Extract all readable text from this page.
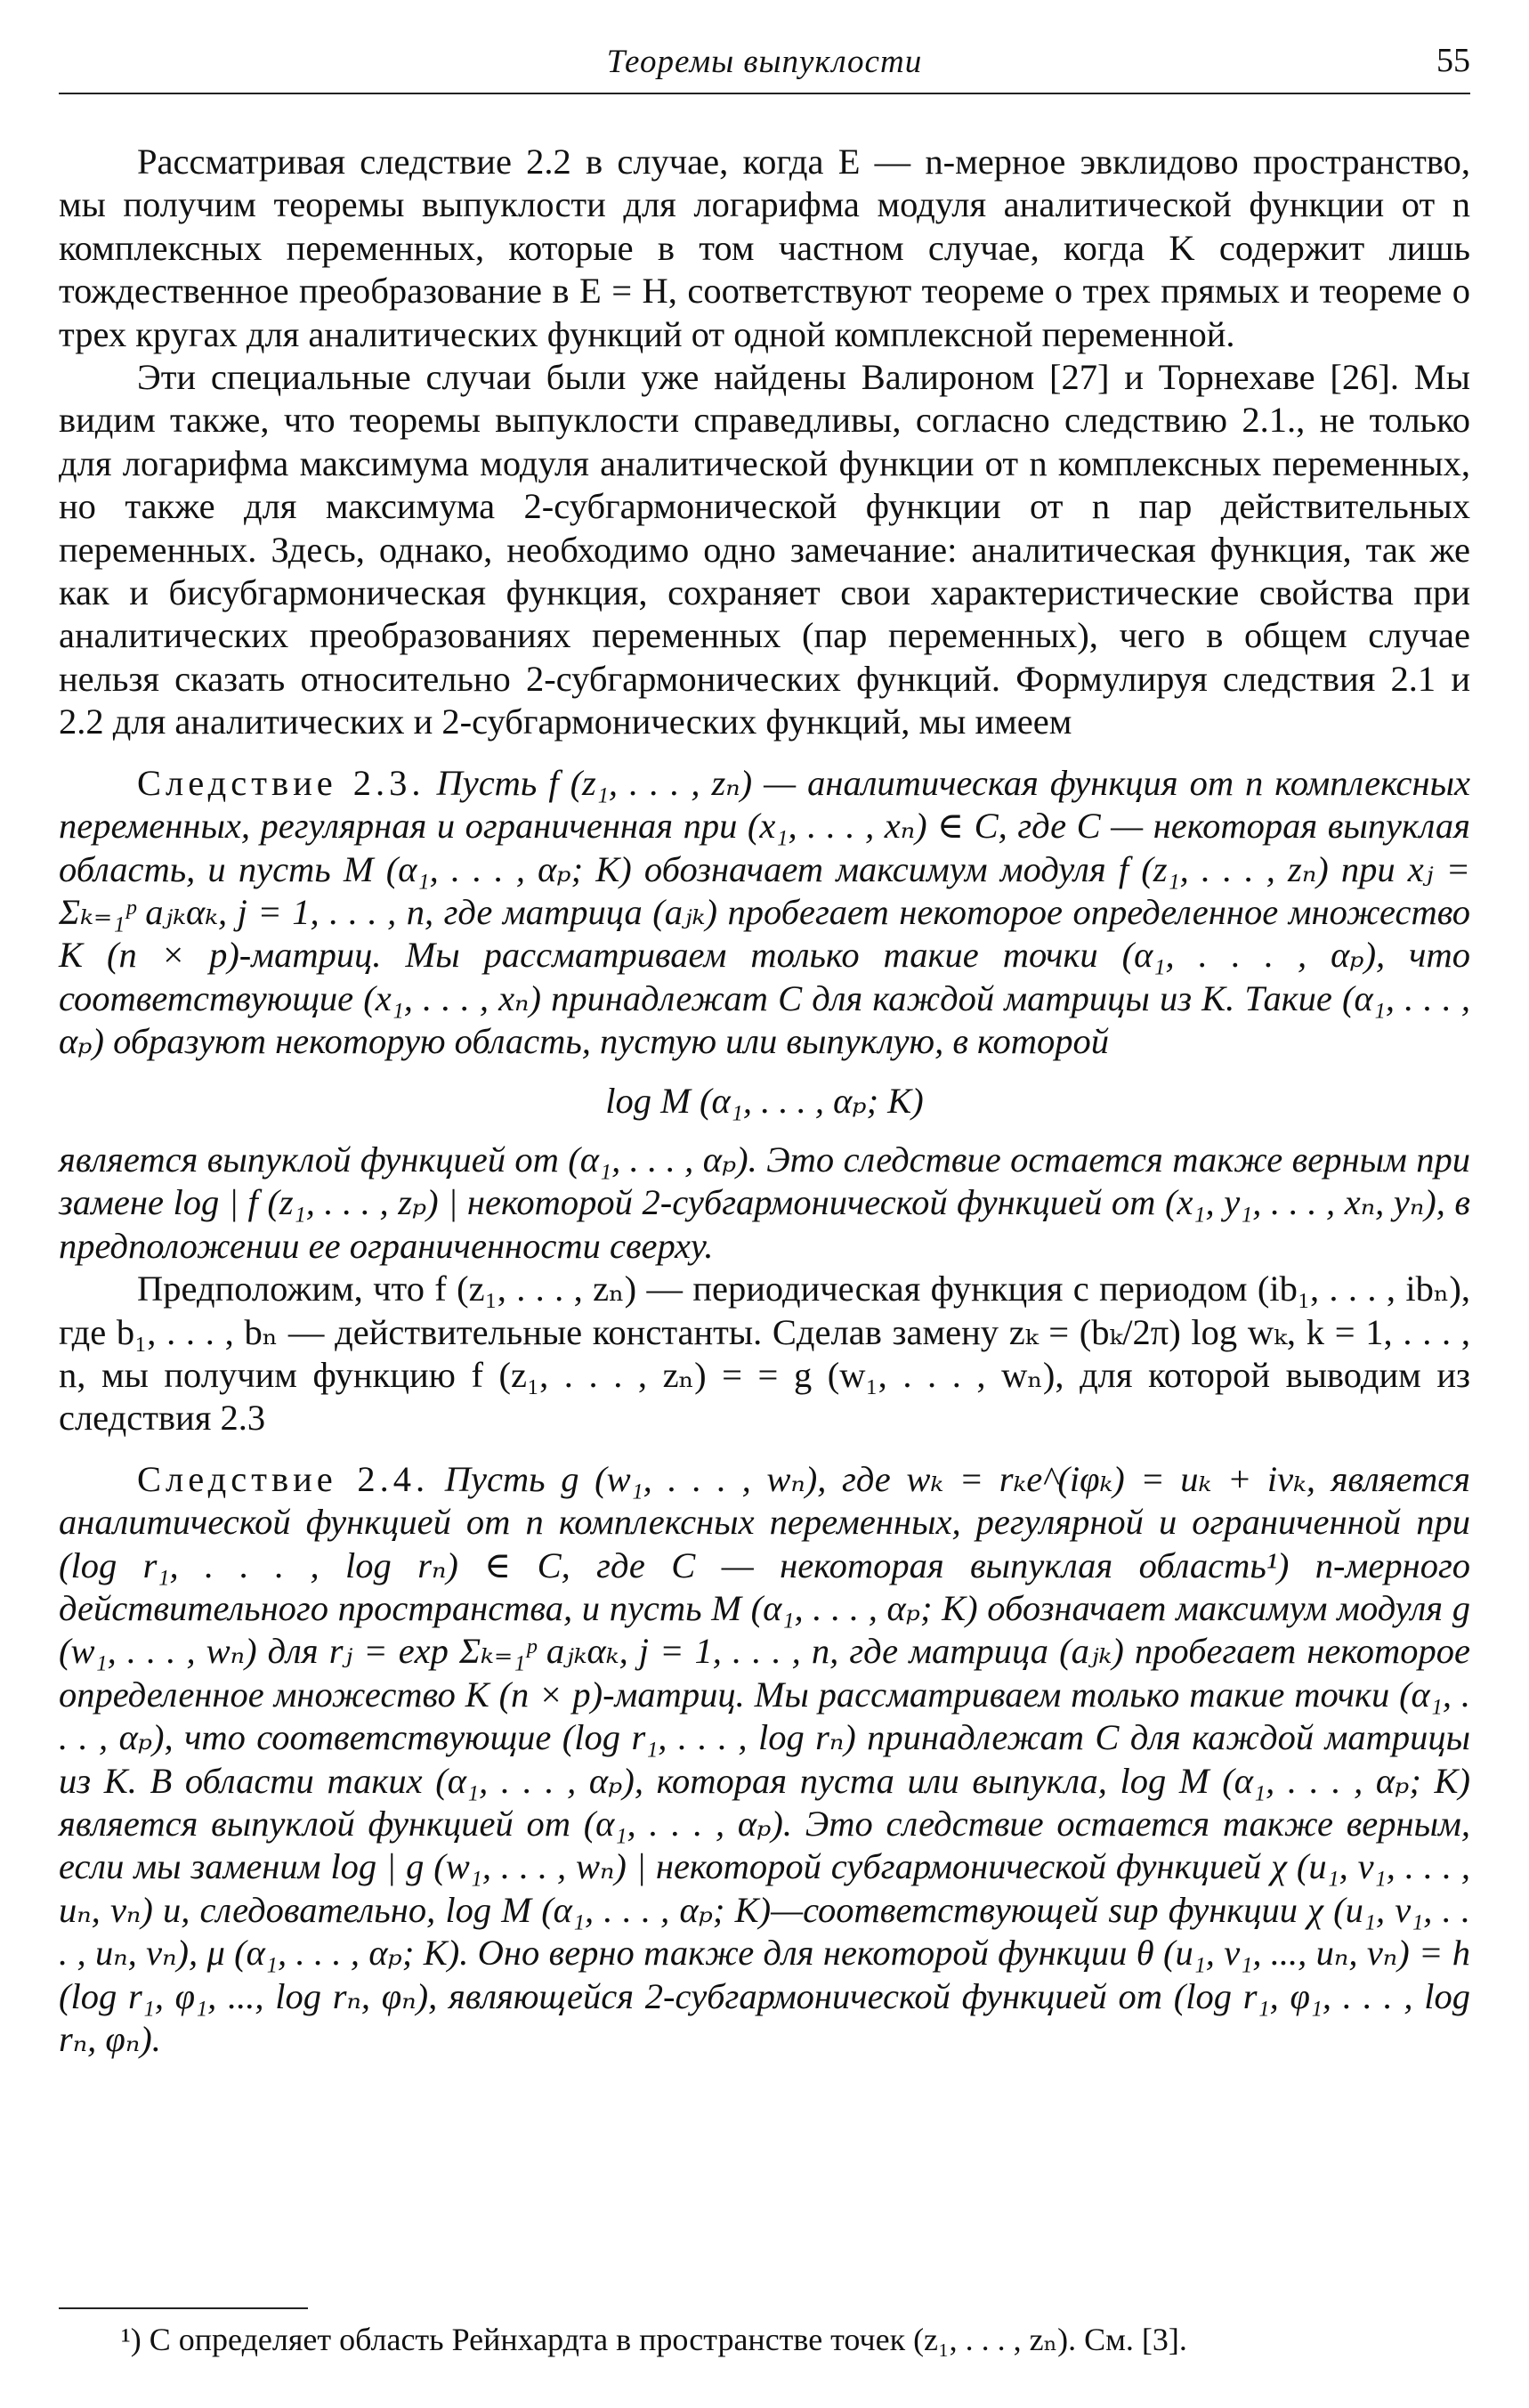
Теоремы выпуклости	55

Рассматривая следствие 2.2 в случае, когда E — n-мерное эвклидово пространство, мы получим теоремы выпуклости для логарифма модуля аналитической функции от n комплексных переменных, которые в том частном случае, когда K содержит лишь тождественное преобразование в E = H, соответствуют теореме о трех прямых и теореме о трех кругах для аналитических функций от одной комплексной переменной.

Эти специальные случаи были уже найдены Валироном [27] и Торнехаве [26]. Мы видим также, что теоремы выпуклости справедливы, согласно следствию 2.1., не только для логарифма максимума модуля аналитической функции от n комплексных переменных, но также для максимума 2-субгармонической функции от n пар действительных переменных. Здесь, однако, необходимо одно замечание: аналитическая функция, так же как и бисубгармоническая функция, сохраняет свои характеристические свойства при аналитических преобразованиях переменных (пар переменных), чего в общем случае нельзя сказать относительно 2-субгармонических функций. Формулируя следствия 2.1 и 2.2 для аналитических и 2-субгармонических функций, мы имеем

Следствие 2.3. Пусть f (z₁, . . . , zₙ) — аналитическая функция от n комплексных переменных, регулярная и ограниченная при (x₁, . . . , xₙ) ∈ C, где C — некоторая выпуклая область, и пусть M (α₁, . . . , αₚ; K) обозначает максимум модуля f (z₁, . . . , zₙ) при xⱼ = Σₖ₌₁ᵖ aⱼₖαₖ, j = 1, . . . , n, где матрица (aⱼₖ) пробегает некоторое определенное множество K (n × p)-матриц. Мы рассматриваем только такие точки (α₁, . . . , αₚ), что соответствующие (x₁, . . . , xₙ) принадлежат C для каждой матрицы из K. Такие (α₁, . . . , αₚ) образуют некоторую область, пустую или выпуклую, в которой

log M (α₁, . . . , αₚ; K)

является выпуклой функцией от (α₁, . . . , αₚ). Это следствие остается также верным при замене log | f (z₁, . . . , zₚ) | некоторой 2-субгармонической функцией от (x₁, y₁, . . . , xₙ, yₙ), в предположении ее ограниченности сверху.

Предположим, что f (z₁, . . . , zₙ) — периодическая функция с периодом (ib₁, . . . , ibₙ), где b₁, . . . , bₙ — действительные константы. Сделав замену zₖ = (bₖ/2π) log wₖ, k = 1, . . . , n, мы получим функцию f (z₁, . . . , zₙ) = = g (w₁, . . . , wₙ), для которой выводим из следствия 2.3

Следствие 2.4. Пусть g (w₁, . . . , wₙ), где wₖ = rₖe^(iφₖ) = uₖ + ivₖ, является аналитической функцией от n комплексных переменных, регулярной и ограниченной при (log r₁, . . . , log rₙ) ∈ C, где C — некоторая выпуклая область¹) n-мерного действительного пространства, и пусть M (α₁, . . . , αₚ; K) обозначает максимум модуля g (w₁, . . . , wₙ) для rⱼ = exp Σₖ₌₁ᵖ aⱼₖαₖ, j = 1, . . . , n, где матрица (aⱼₖ) пробегает некоторое определенное множество K (n × p)-матриц. Мы рассматриваем только такие точки (α₁, . . . , αₚ), что соответствующие (log r₁, . . . , log rₙ) принадлежат C для каждой матрицы из K. В области таких (α₁, . . . , αₚ), которая пуста или выпукла, log M (α₁, . . . , αₚ; K) является выпуклой функцией от (α₁, . . . , αₚ). Это следствие остается также верным, если мы заменим log | g (w₁, . . . , wₙ) | некоторой субгармонической функцией χ (u₁, v₁, . . . , uₙ, vₙ) и, следовательно, log M (α₁, . . . , αₚ; K)—соответствующей sup функции χ (u₁, v₁, . . . , uₙ, vₙ), μ (α₁, . . . , αₚ; K). Оно верно также для некоторой функции θ (u₁, v₁, ..., uₙ, vₙ) = h (log r₁, φ₁, ..., log rₙ, φₙ), являющейся 2-субгармонической функцией от (log r₁, φ₁, . . . , log rₙ, φₙ).

¹) C определяет область Рейнхардта в пространстве точек (z₁, . . . , zₙ). См. [3].
